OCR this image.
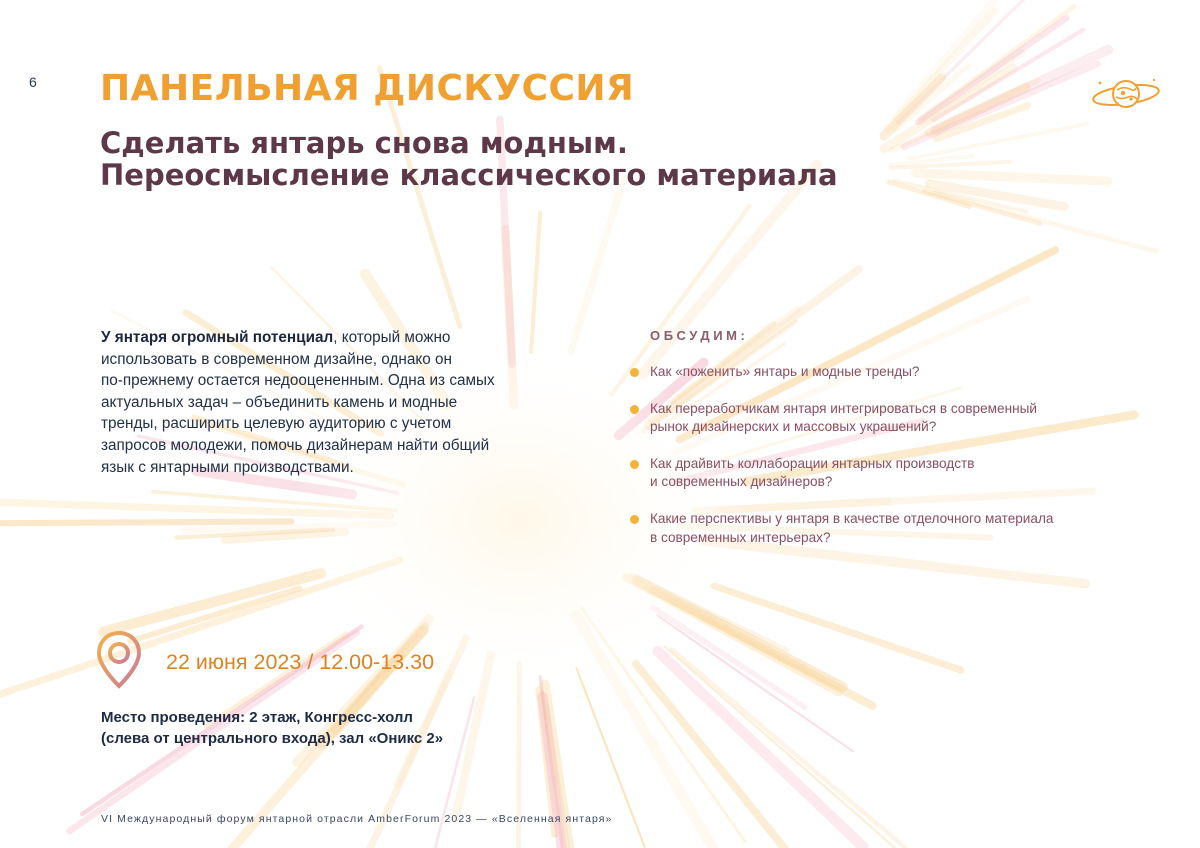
6 ПАНЕЛЬНАЯ ДИСКУССИЯ
Сделать янтарь снова модным.
Переосмысление классического материала
У янтаря огромный потенциал, который можно
использовать в современном дизайне, однако он
по-прежнему остается недооцененным. Одна из самых
актуальных задач – объединить камень и модные
тренды, расширить целевую аудиторию с учетом
запросов молодежи, помочь дизайнерам найти общий
язык с янтарными производствами.
ОБСУДИМ:
Как «поженить» янтарь и модные тренды?
Как переработчикам янтаря интегрироваться в современный
рынок дизайнерских и массовых украшений?
Как драйвить коллаборации янтарных производств
и современных дизайнеров?
Какие перспективы у янтаря в качестве отделочного материала
в современных интерьерах?
22 июня 2023 / 12.00-13.30
Место проведения: 2 этаж, Конгресс-холл
(слева от центрального входа), зал «Оникс 2»
VI Международный форум янтарной отрасли AmberForum 2023 — «Вселенная янтаря»
